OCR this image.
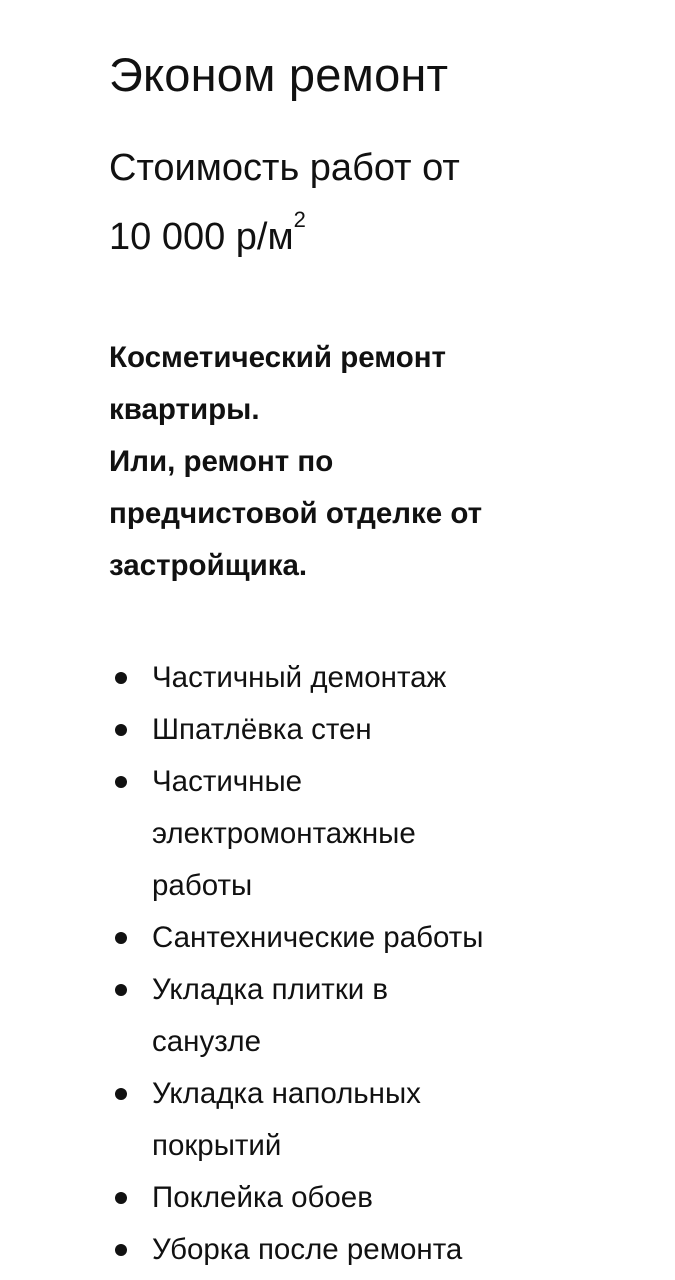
Эконом ремонт

Стоимость работ от
10 000 $р/м^2$

Косметический ремонт
квартиры.
Или, ремонт по
предчистовой отделке от
застройщика.

Частичный демонтаж
Шпатлёвка стен
Частичные электромонтажные работы
Сантехнические работы
Укладка плитки в санузле
Укладка напольных покрытий
Поклейка обоев
Уборка после ремонта
